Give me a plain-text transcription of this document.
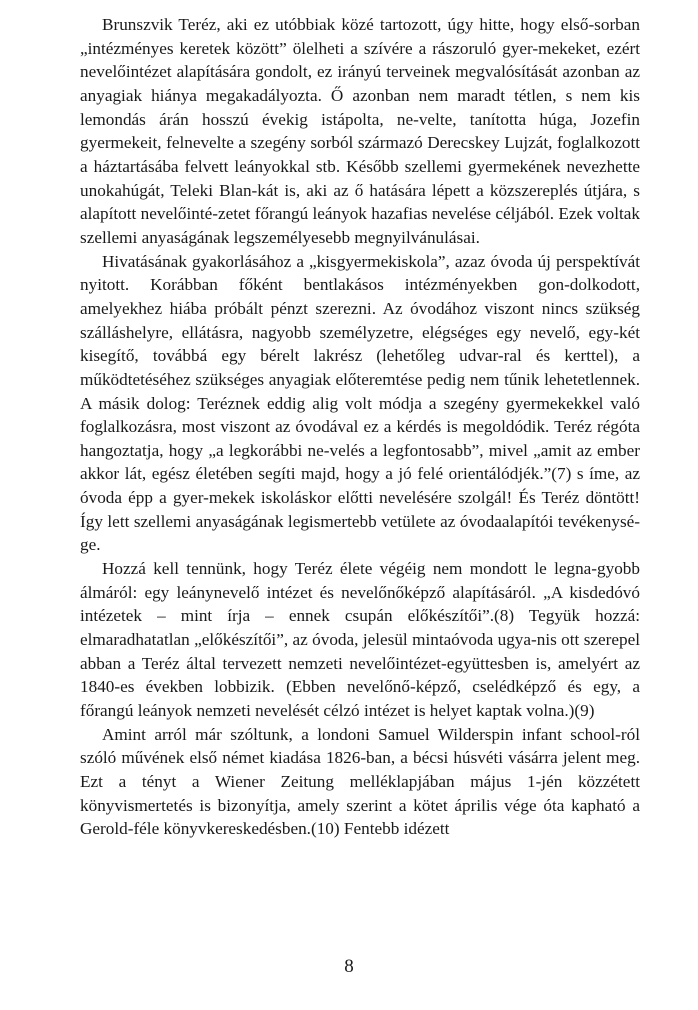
Brunszvik Teréz, aki ez utóbbiak közé tartozott, úgy hitte, hogy első-sorban „intézményes keretek között” ölelheti a szívére a rászoruló gyer-mekeket, ezért nevelőintézet alapítására gondolt, ez irányú terveinek megvalósítását azonban az anyagiak hiánya megakadályozta. Ő azonban nem maradt tétlen, s nem kis lemondás árán hosszú évekig istápolta, ne-velte, tanította húga, Jozefin gyermekeit, felnevelte a szegény sorból származó Derecskey Lujzát, foglalkozott a háztartásába felvett leányokkal stb. Később szellemi gyermekének nevezhette unokahúgát, Teleki Blan-kát is, aki az ő hatására lépett a közszereplés útjára, s alapított nevelőinté-zetet főrangú leányok hazafias nevelése céljából. Ezek voltak szellemi anyaságának legszemélyesebb megnyilvánulásai.

Hivatásának gyakorlásához a „kisgyermekiskola”, azaz óvoda új perspektívát nyitott. Korábban főként bentlakásos intézményekben gon-dolkodott, amelyekhez hiába próbált pénzt szerezni. Az óvodához viszont nincs szükség szálláshelyre, ellátásra, nagyobb személyzetre, elégséges egy nevelő, egy-két kisegítő, továbbá egy bérelt lakrész (lehetőleg udvar-ral és kerttel), a működtetéséhez szükséges anyagiak előteremtése pedig nem tűnik lehetetlennek. A másik dolog: Teréznek eddig alig volt módja a szegény gyermekekkel való foglalkozásra, most viszont az óvodával ez a kérdés is megoldódik. Teréz régóta hangoztatja, hogy „a legkorábbi ne-velés a legfontosabb”, mivel „amit az ember akkor lát, egész életében segíti majd, hogy a jó felé orientálódjék.”(7) s íme, az óvoda épp a gyer-mekek iskoláskor előtti nevelésére szolgál! És Teréz döntött! Így lett szellemi anyaságának legismertebb vetülete az óvodaalapítói tevékenysé-ge.

Hozzá kell tennünk, hogy Teréz élete végéig nem mondott le legna-gyobb álmáról: egy leánynevelő intézet és nevelőnőképző alapításáról. „A kisdedóvó intézetek – mint írja – ennek csupán előkészítői”.(8) Tegyük hozzá: elmaradhatatlan „előkészítői”, az óvoda, jelesül mintaóvoda ugya-nis ott szerepel abban a Teréz által tervezett nemzeti nevelőintézet-együttesben is, amelyért az 1840-es években lobbizik. (Ebben nevelőnő-képző, cselédképző és egy, a főrangú leányok nemzeti nevelését célzó intézet is helyet kaptak volna.)(9)

Amint arról már szóltunk, a londoni Samuel Wilderspin infant school-ról szóló művének első német kiadása 1826-ban, a bécsi húsvéti vásárra jelent meg. Ezt a tényt a Wiener Zeitung melléklapjában május 1-jén közzétett könyvismertetés is bizonyítja, amely szerint a kötet április vége óta kapható a Gerold-féle könyvkereskedésben.(10) Fentebb idézett

8
